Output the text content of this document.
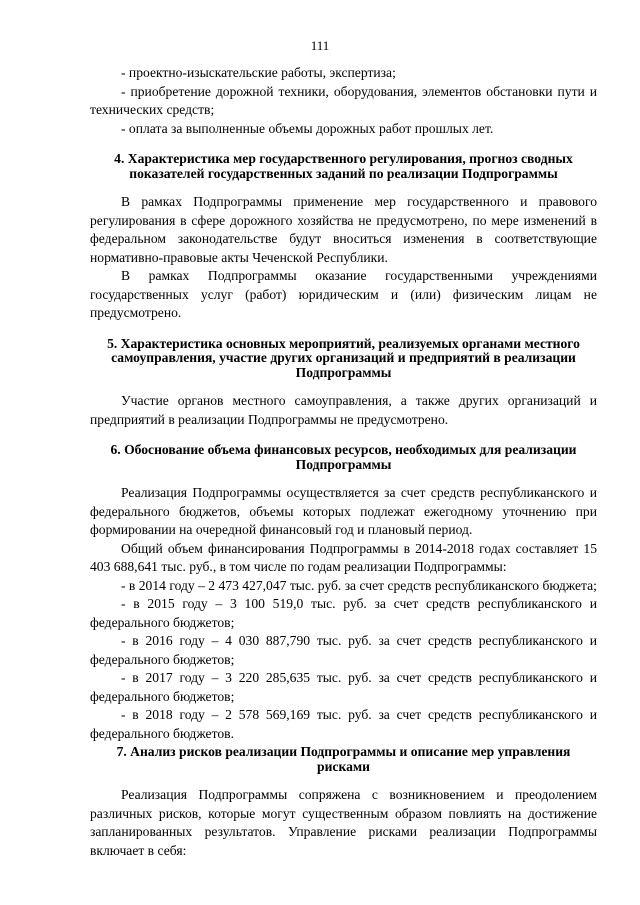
111

- проектно-изыскательские работы, экспертиза;

- приобретение дорожной техники, оборудования, элементов обстановки пути и технических средств;

- оплата за выполненные объемы дорожных работ прошлых лет.

4. Характеристика мер государственного регулирования, прогноз сводных показателей государственных заданий по реализации Подпрограммы

В рамках Подпрограммы применение мер государственного и правового регулирования в сфере дорожного хозяйства не предусмотрено, по мере изменений в федеральном законодательстве будут вноситься изменения в соответствующие нормативно-правовые акты Чеченской Республики.

В рамках Подпрограммы оказание государственными учреждениями государственных услуг (работ) юридическим и (или) физическим лицам не предусмотрено.

5. Характеристика основных мероприятий, реализуемых органами местного самоуправления, участие других организаций и предприятий в реализации Подпрограммы

Участие органов местного самоуправления, а также других организаций и предприятий в реализации Подпрограммы не предусмотрено.

6. Обоснование объема финансовых ресурсов, необходимых для реализации Подпрограммы

Реализация Подпрограммы осуществляется за счет средств республиканского и федерального бюджетов, объемы которых подлежат ежегодному уточнению при формировании на очередной финансовый год и плановый период.

Общий объем финансирования Подпрограммы в 2014-2018 годах составляет 15 403 688,641 тыс. руб., в том числе по годам реализации Подпрограммы:

- в 2014 году – 2 473 427,047 тыс. руб. за счет средств республиканского бюджета;

- в 2015 году – 3 100 519,0 тыс. руб. за счет средств республиканского и федерального бюджетов;

- в 2016 году – 4 030 887,790 тыс. руб. за счет средств республиканского и федерального бюджетов;

- в 2017 году – 3 220 285,635 тыс. руб. за счет средств республиканского и федерального бюджетов;

- в 2018 году – 2 578 569,169 тыс. руб. за счет средств республиканского и федерального бюджетов.

7. Анализ рисков реализации Подпрограммы и описание мер управления рисками

Реализация Подпрограммы сопряжена с возникновением и преодолением различных рисков, которые могут существенным образом повлиять на достижение запланированных результатов. Управление рисками реализации Подпрограммы включает в себя:
